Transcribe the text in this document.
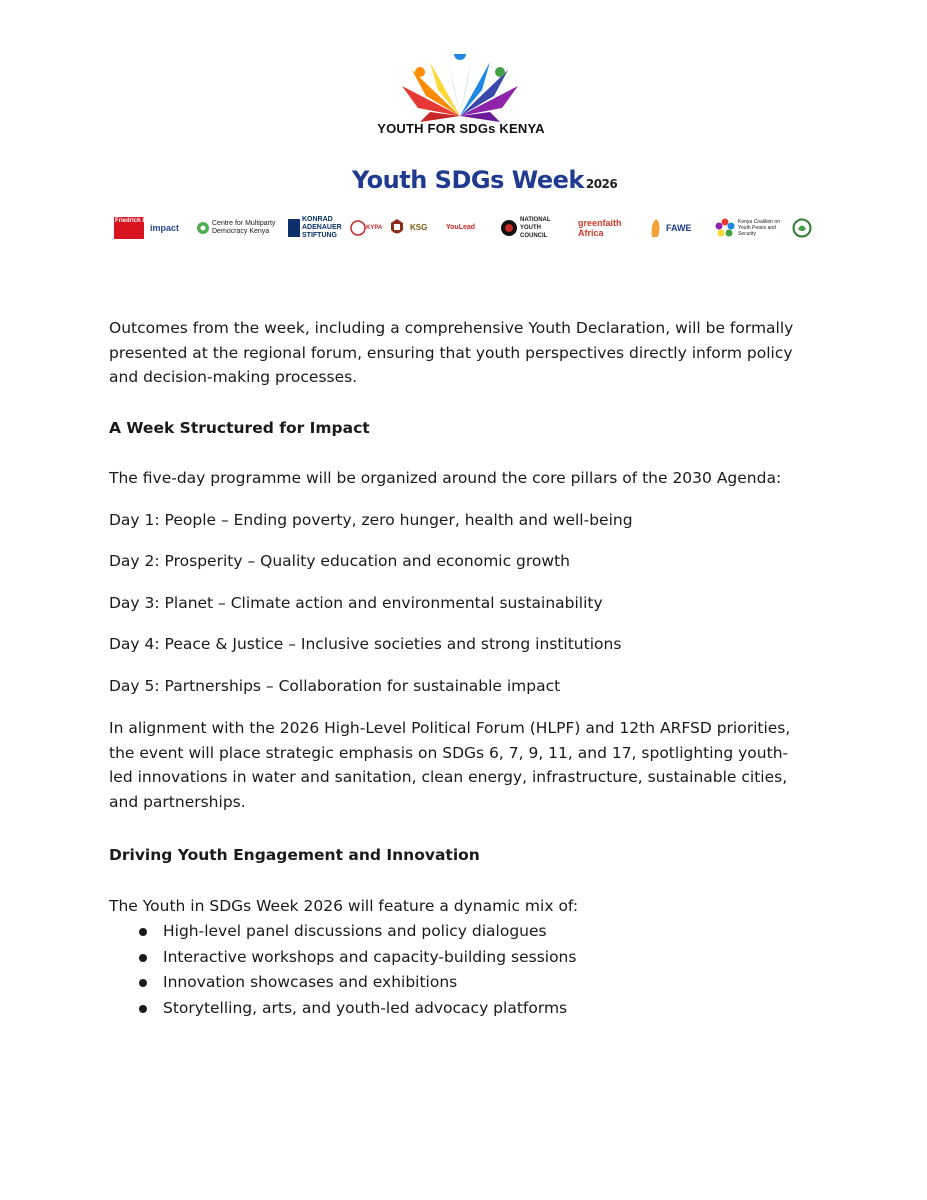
YOUTH FOR SDGs KENYA
Youth SDGs Week 2026
Friedrich Ebert Stiftung
impact	Centre for Multiparty Democracy Kenya
KONRAD ADENAUER STIFTUNG
KYPA	KSG	YouLead
NATIONAL YOUTH COUNCIL
greenfaith Africa	FAWE
Kenya Coalition on Youth Peace and Security

Outcomes from the week, including a comprehensive Youth Declaration, will be formally presented at the regional forum, ensuring that youth perspectives directly inform policy and decision-making processes.

A Week Structured for Impact

The five-day programme will be organized around the core pillars of the 2030 Agenda:

Day 1: People – Ending poverty, zero hunger, health and well-being

Day 2: Prosperity – Quality education and economic growth

Day 3: Planet – Climate action and environmental sustainability

Day 4: Peace & Justice – Inclusive societies and strong institutions

Day 5: Partnerships – Collaboration for sustainable impact

In alignment with the 2026 High-Level Political Forum (HLPF) and 12th ARFSD priorities, the event will place strategic emphasis on SDGs 6, 7, 9, 11, and 17, spotlighting youth-led innovations in water and sanitation, clean energy, infrastructure, sustainable cities, and partnerships.

Driving Youth Engagement and Innovation

The Youth in SDGs Week 2026 will feature a dynamic mix of:

High-level panel discussions and policy dialogues
Interactive workshops and capacity-building sessions
Innovation showcases and exhibitions
Storytelling, arts, and youth-led advocacy platforms
